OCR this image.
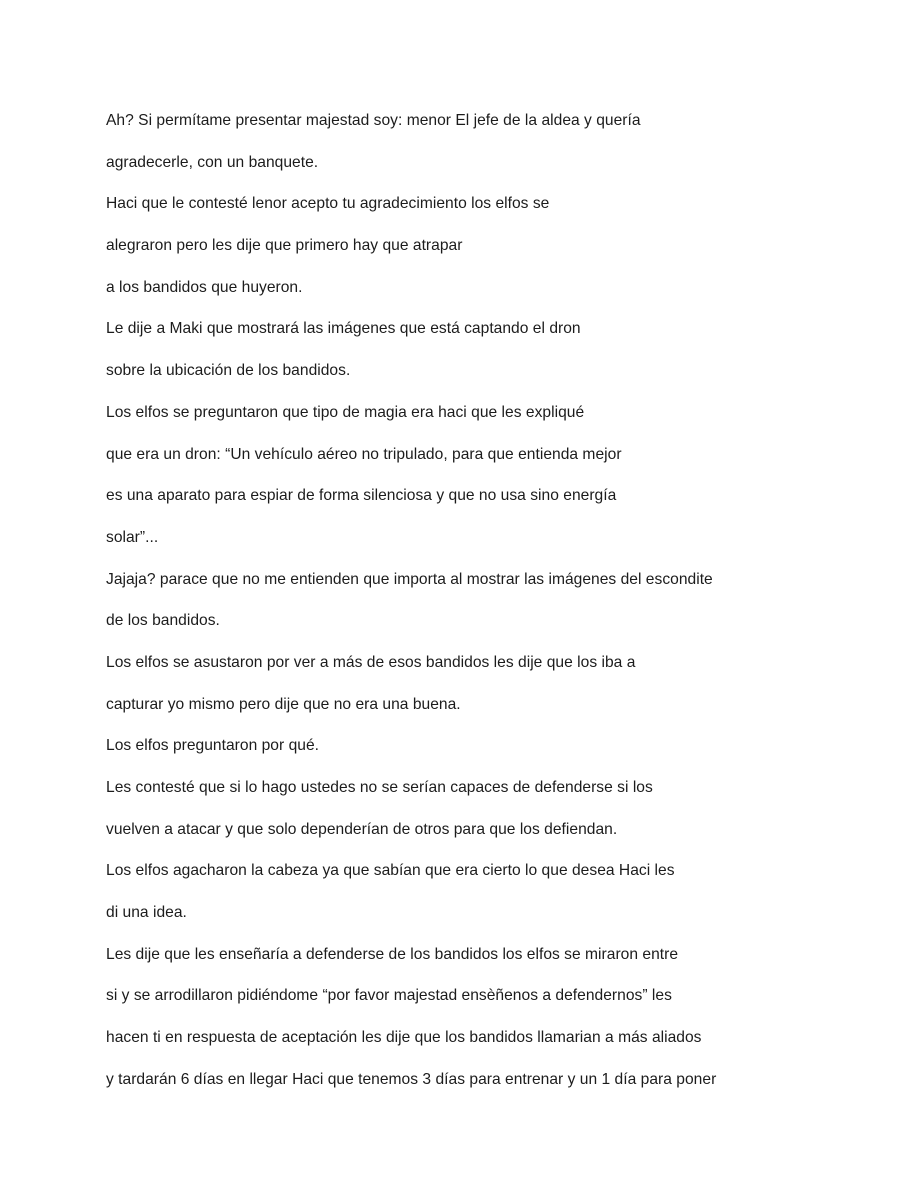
Ah? Si permítame presentar majestad soy: menor El jefe de la aldea y quería
agradecerle, con un banquete.
Haci que le contesté lenor acepto tu agradecimiento los elfos se
alegraron pero les dije que primero hay que atrapar
a los bandidos que huyeron.
Le dije a Maki que mostrará las imágenes que está captando el dron
sobre la ubicación de los bandidos.
Los elfos se preguntaron que tipo de magia era haci que les expliqué
que era un dron: “Un vehículo aéreo no tripulado, para que entienda mejor
es una aparato para espiar de forma silenciosa y que no usa sino energía
solar”...
Jajaja? parace que no me entienden que importa al mostrar las imágenes del escondite
de los bandidos.
Los elfos se asustaron por ver a más de esos bandidos les dije que los iba a
capturar yo mismo pero dije que no era una buena.
Los elfos preguntaron por qué.
Les contesté que si lo hago ustedes no se serían capaces de defenderse si los
vuelven a atacar y que solo dependerían de otros para que los defiendan.
Los elfos agacharon la cabeza ya que sabían que era cierto lo que desea Haci les
di una idea.
Les dije que les enseñaría a defenderse de los bandidos los elfos se miraron entre
si y se arrodillaron pidiéndome “por favor majestad ensèñenos a defendernos” les
hacen ti en respuesta de aceptación les dije que los bandidos llamarian a más aliados
y tardarán 6 días en llegar Haci que tenemos 3 días para entrenar y un 1 día para poner
